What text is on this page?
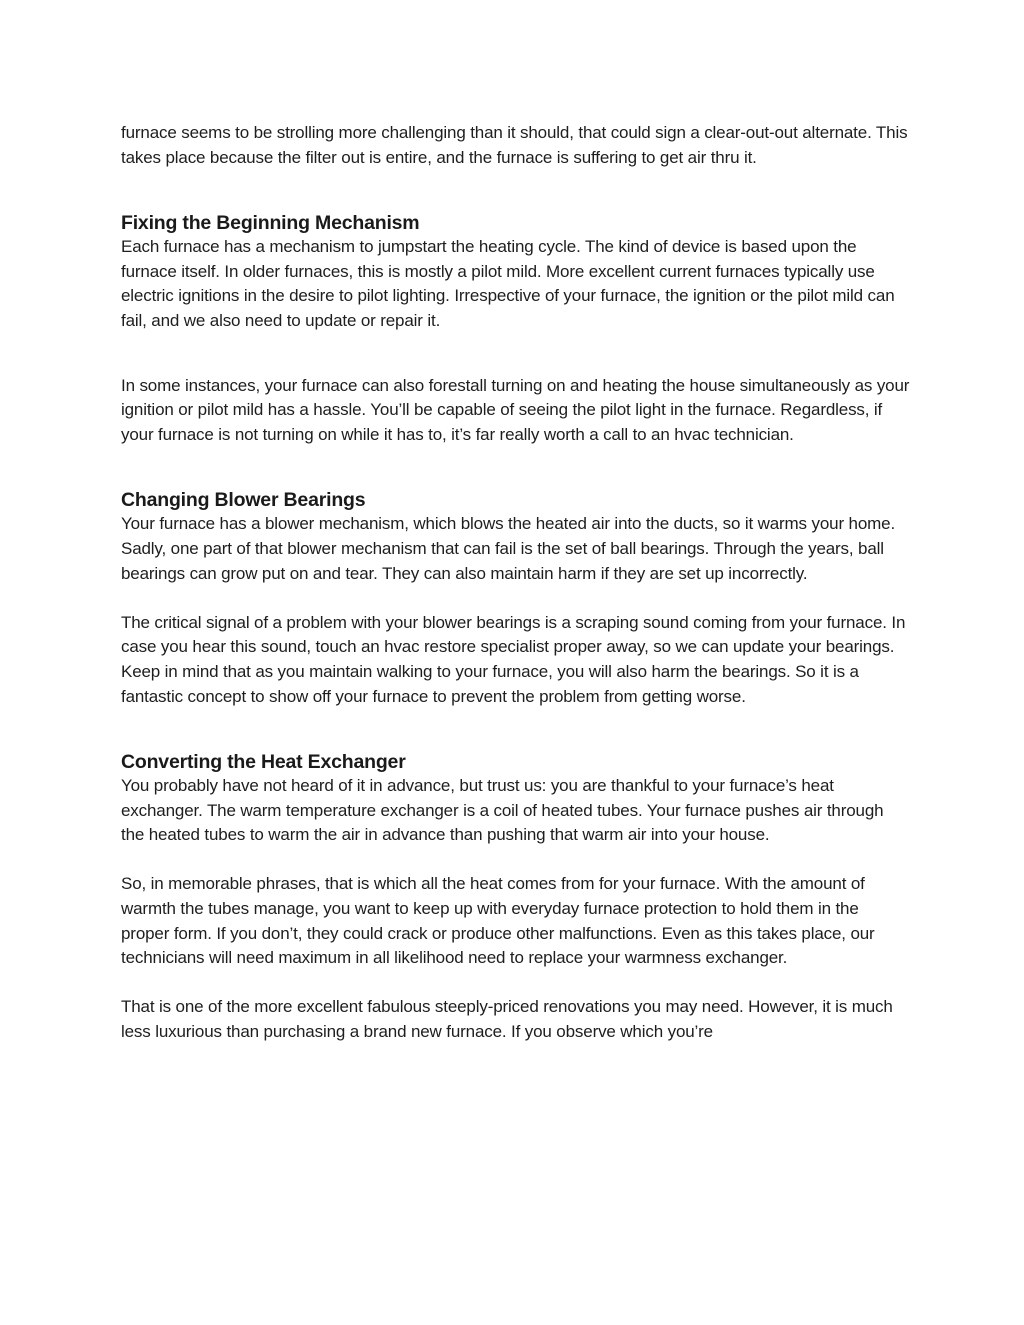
furnace seems to be strolling more challenging than it should, that could sign a clear-out-out alternate. This takes place because the filter out is entire, and the furnace is suffering to get air thru it.

Fixing the Beginning Mechanism

Each furnace has a mechanism to jumpstart the heating cycle. The kind of device is based upon the furnace itself. In older furnaces, this is mostly a pilot mild. More excellent current furnaces typically use electric ignitions in the desire to pilot lighting. Irrespective of your furnace, the ignition or the pilot mild can fail, and we also need to update or repair it.

In some instances, your furnace can also forestall turning on and heating the house simultaneously as your ignition or pilot mild has a hassle. You’ll be capable of seeing the pilot light in the furnace. Regardless, if your furnace is not turning on while it has to, it’s far really worth a call to an hvac technician.

Changing Blower Bearings

Your furnace has a blower mechanism, which blows the heated air into the ducts, so it warms your home. Sadly, one part of that blower mechanism that can fail is the set of ball bearings. Through the years, ball bearings can grow put on and tear. They can also maintain harm if they are set up incorrectly.

The critical signal of a problem with your blower bearings is a scraping sound coming from your furnace. In case you hear this sound, touch an hvac restore specialist proper away, so we can update your bearings. Keep in mind that as you maintain walking to your furnace, you will also harm the bearings. So it is a fantastic concept to show off your furnace to prevent the problem from getting worse.

Converting the Heat Exchanger

You probably have not heard of it in advance, but trust us: you are thankful to your furnace’s heat exchanger. The warm temperature exchanger is a coil of heated tubes. Your furnace pushes air through the heated tubes to warm the air in advance than pushing that warm air into your house.

So, in memorable phrases, that is which all the heat comes from for your furnace. With the amount of warmth the tubes manage, you want to keep up with everyday furnace protection to hold them in the proper form. If you don’t, they could crack or produce other malfunctions. Even as this takes place, our technicians will need maximum in all likelihood need to replace your warmness exchanger.

That is one of the more excellent fabulous steeply-priced renovations you may need. However, it is much less luxurious than purchasing a brand new furnace. If you observe which you’re
